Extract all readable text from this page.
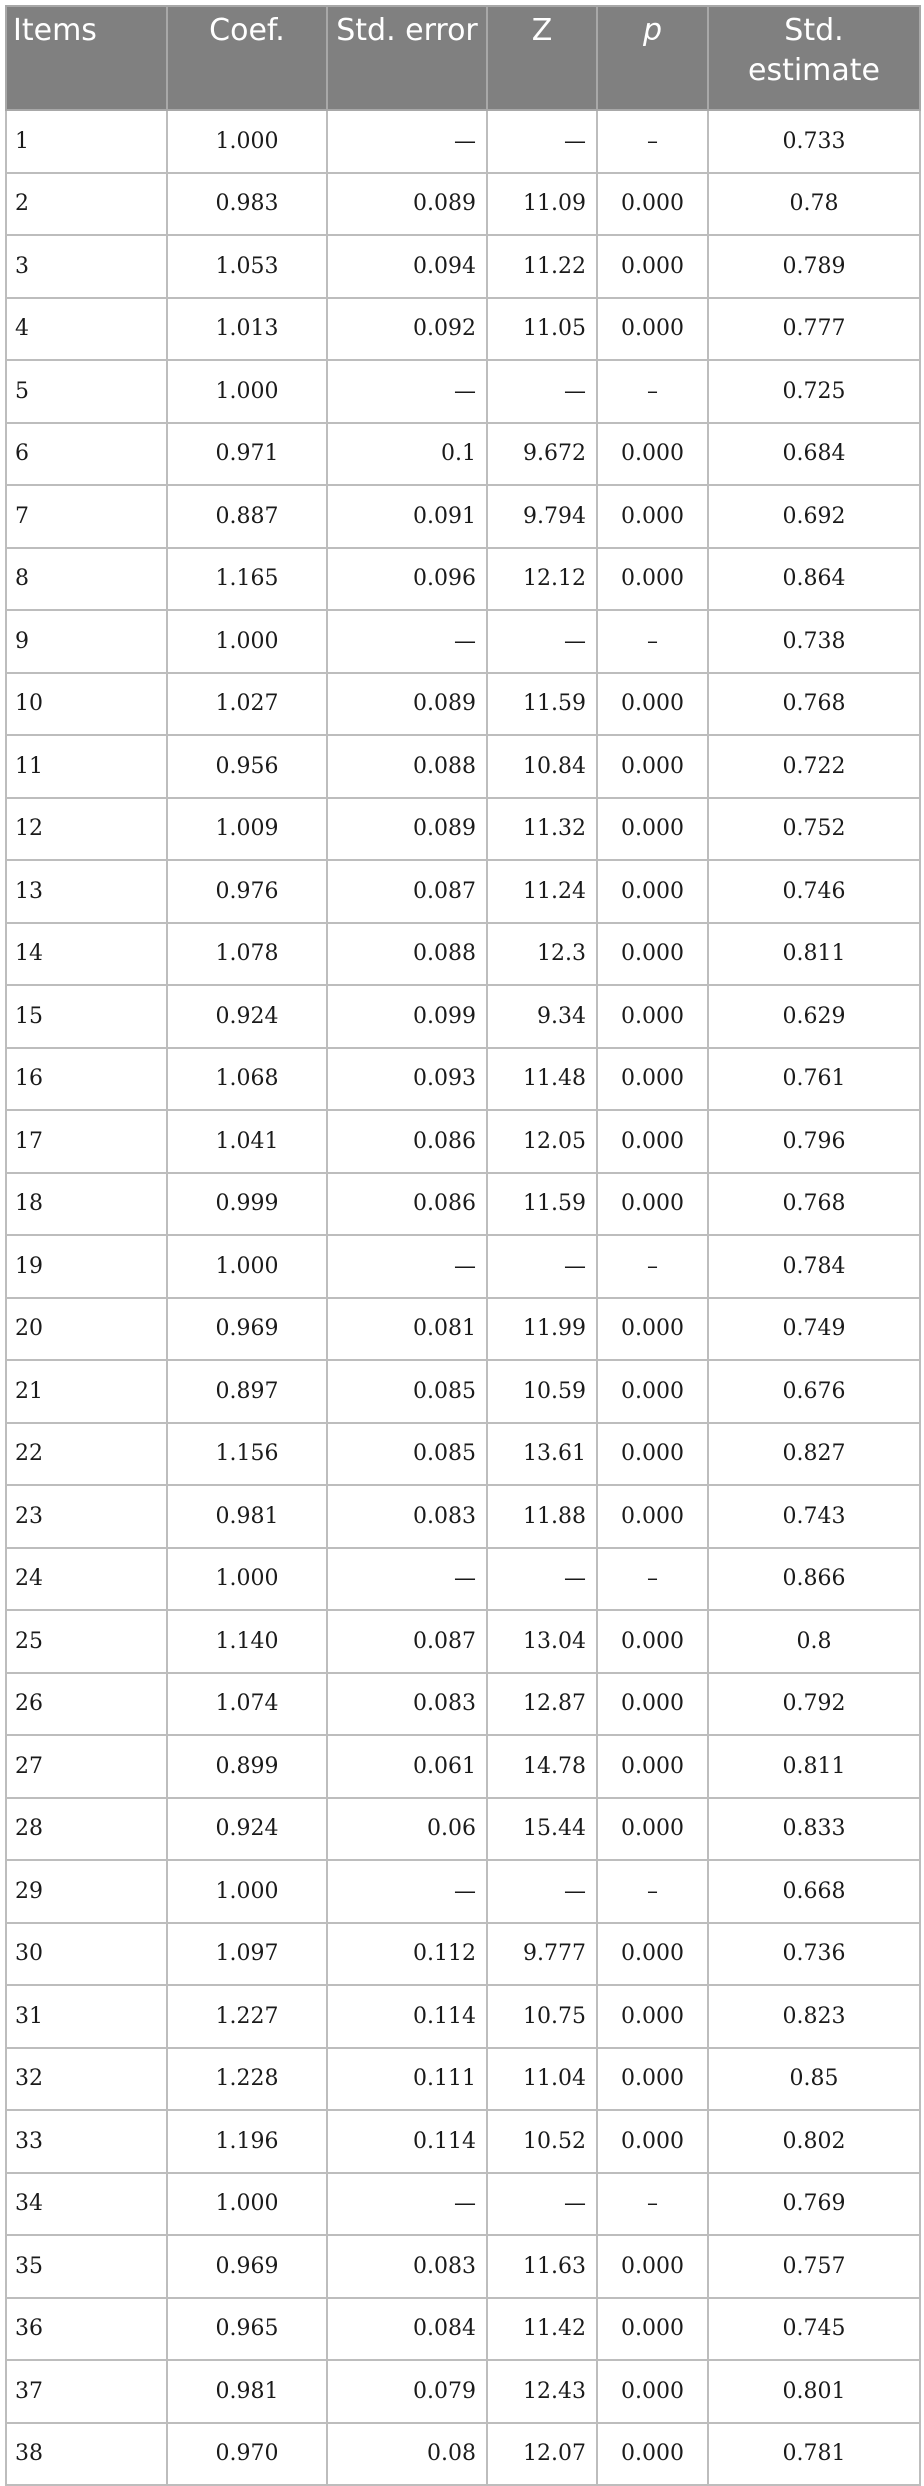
Items	Coef.	Std. error	Z	p	Std. estimate
1	1.000	—	—	–	0.733
2	0.983	0.089	11.09	0.000	0.78
3	1.053	0.094	11.22	0.000	0.789
4	1.013	0.092	11.05	0.000	0.777
5	1.000	—	—	–	0.725
6	0.971	0.1	9.672	0.000	0.684
7	0.887	0.091	9.794	0.000	0.692
8	1.165	0.096	12.12	0.000	0.864
9	1.000	—	—	–	0.738
10	1.027	0.089	11.59	0.000	0.768
11	0.956	0.088	10.84	0.000	0.722
12	1.009	0.089	11.32	0.000	0.752
13	0.976	0.087	11.24	0.000	0.746
14	1.078	0.088	12.3	0.000	0.811
15	0.924	0.099	9.34	0.000	0.629
16	1.068	0.093	11.48	0.000	0.761
17	1.041	0.086	12.05	0.000	0.796
18	0.999	0.086	11.59	0.000	0.768
19	1.000	—	—	–	0.784
20	0.969	0.081	11.99	0.000	0.749
21	0.897	0.085	10.59	0.000	0.676
22	1.156	0.085	13.61	0.000	0.827
23	0.981	0.083	11.88	0.000	0.743
24	1.000	—	—	–	0.866
25	1.140	0.087	13.04	0.000	0.8
26	1.074	0.083	12.87	0.000	0.792
27	0.899	0.061	14.78	0.000	0.811
28	0.924	0.06	15.44	0.000	0.833
29	1.000	—	—	–	0.668
30	1.097	0.112	9.777	0.000	0.736
31	1.227	0.114	10.75	0.000	0.823
32	1.228	0.111	11.04	0.000	0.85
33	1.196	0.114	10.52	0.000	0.802
34	1.000	—	—	–	0.769
35	0.969	0.083	11.63	0.000	0.757
36	0.965	0.084	11.42	0.000	0.745
37	0.981	0.079	12.43	0.000	0.801
38	0.970	0.08	12.07	0.000	0.781
